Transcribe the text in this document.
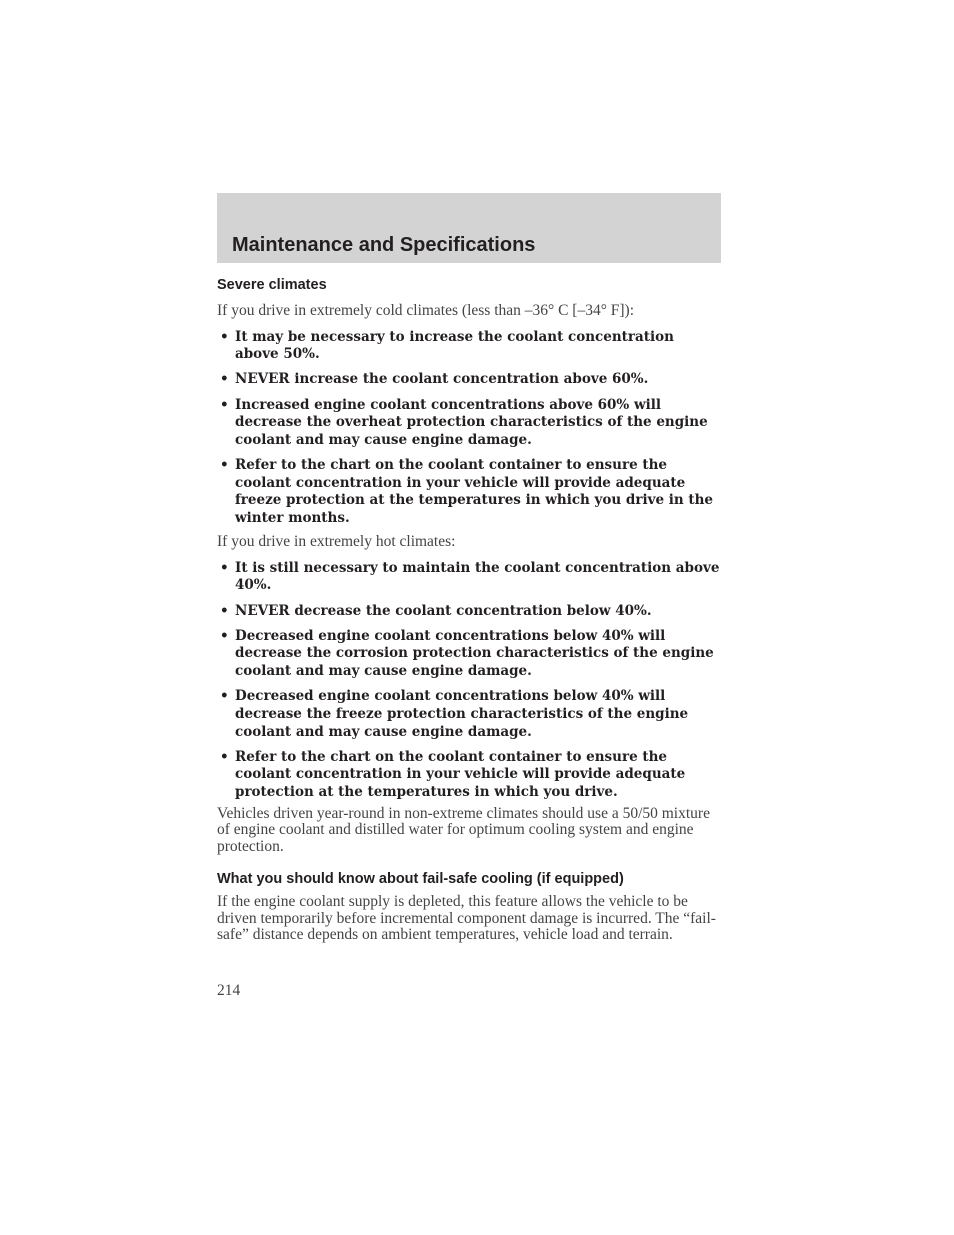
Maintenance and Specifications
Severe climates

If you drive in extremely cold climates (less than –36° C [–34° F]):

• It may be necessary to increase the coolant concentration above 50%.
• NEVER increase the coolant concentration above 60%.
• Increased engine coolant concentrations above 60% will decrease the overheat protection characteristics of the engine coolant and may cause engine damage.
• Refer to the chart on the coolant container to ensure the coolant concentration in your vehicle will provide adequate freeze protection at the temperatures in which you drive in the winter months.

If you drive in extremely hot climates:

• It is still necessary to maintain the coolant concentration above 40%.
• NEVER decrease the coolant concentration below 40%.
• Decreased engine coolant concentrations below 40% will decrease the corrosion protection characteristics of the engine coolant and may cause engine damage.
• Decreased engine coolant concentrations below 40% will decrease the freeze protection characteristics of the engine coolant and may cause engine damage.
• Refer to the chart on the coolant container to ensure the coolant concentration in your vehicle will provide adequate protection at the temperatures in which you drive.

Vehicles driven year-round in non-extreme climates should use a 50/50 mixture of engine coolant and distilled water for optimum cooling system and engine protection.

What you should know about fail-safe cooling (if equipped)

If the engine coolant supply is depleted, this feature allows the vehicle to be driven temporarily before incremental component damage is incurred. The “fail-safe” distance depends on ambient temperatures, vehicle load and terrain.

214
